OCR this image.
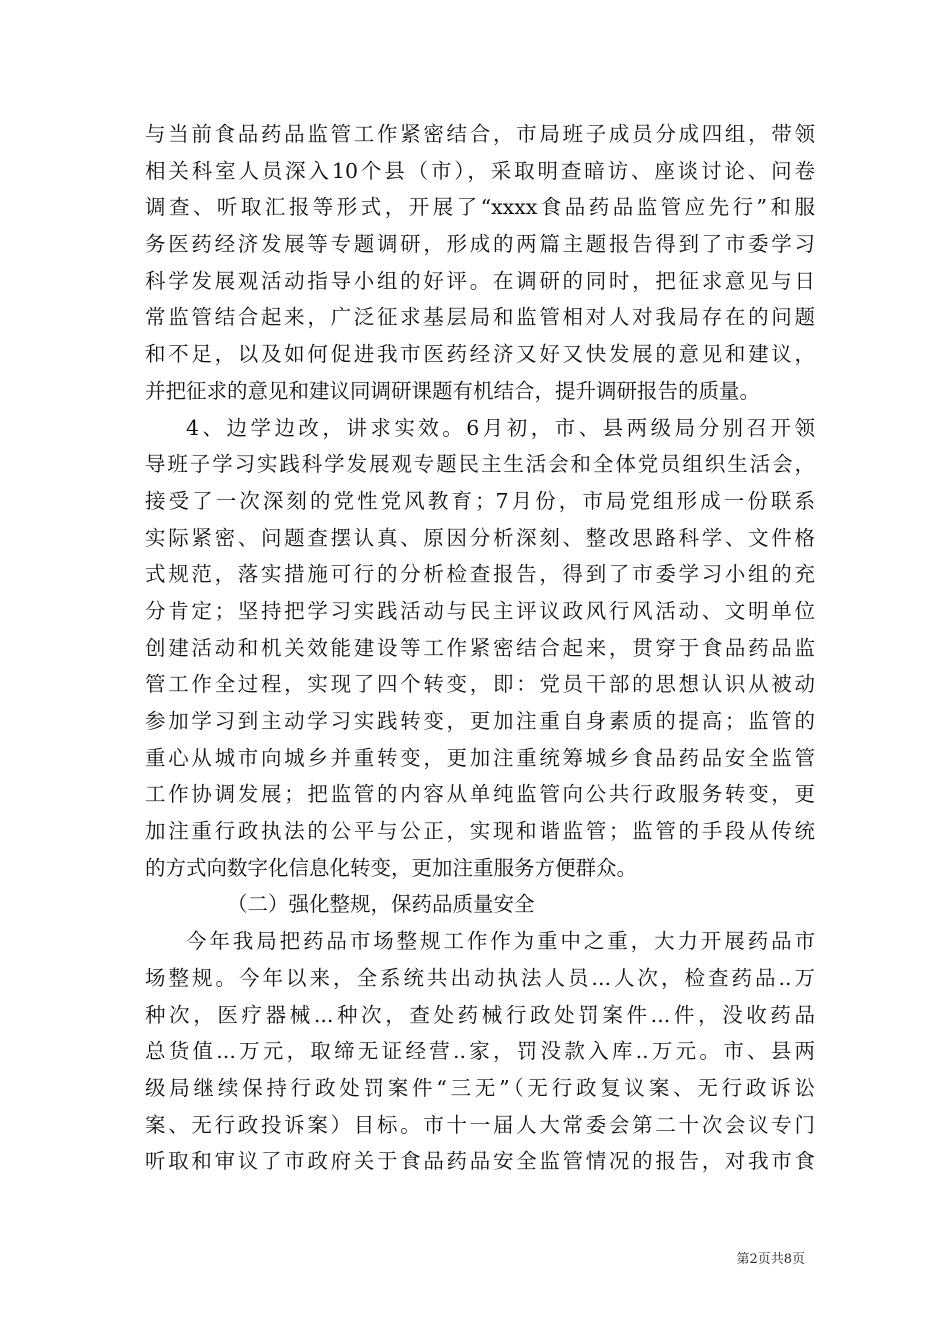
与当前食品药品监管工作紧密结合，市局班子成员分成四组，带领
相关科室人员深入10个县（市），采取明查暗访、座谈讨论、问卷
调查、听取汇报等形式，开展了“xxxx食品药品监管应先行”和服
务医药经济发展等专题调研，形成的两篇主题报告得到了市委学习
科学发展观活动指导小组的好评。在调研的同时，把征求意见与日
常监管结合起来，广泛征求基层局和监管相对人对我局存在的问题
和不足，以及如何促进我市医药经济又好又快发展的意见和建议，
并把征求的意见和建议同调研课题有机结合，提升调研报告的质量。
4、边学边改，讲求实效。6月初，市、县两级局分别召开领
导班子学习实践科学发展观专题民主生活会和全体党员组织生活会，
接受了一次深刻的党性党风教育；7月份，市局党组形成一份联系
实际紧密、问题查摆认真、原因分析深刻、整改思路科学、文件格
式规范，落实措施可行的分析检查报告，得到了市委学习小组的充
分肯定；坚持把学习实践活动与民主评议政风行风活动、文明单位
创建活动和机关效能建设等工作紧密结合起来，贯穿于食品药品监
管工作全过程，实现了四个转变，即：党员干部的思想认识从被动
参加学习到主动学习实践转变，更加注重自身素质的提高；监管的
重心从城市向城乡并重转变，更加注重统筹城乡食品药品安全监管
工作协调发展；把监管的内容从单纯监管向公共行政服务转变，更
加注重行政执法的公平与公正，实现和谐监管；监管的手段从传统
的方式向数字化信息化转变，更加注重服务方便群众。
（二）强化整规，保药品质量安全
今年我局把药品市场整规工作作为重中之重，大力开展药品市
场整规。今年以来，全系统共出动执法人员...人次，检查药品..万
种次，医疗器械...种次，查处药械行政处罚案件...件，没收药品
总货值...万元，取缔无证经营..家，罚没款入库..万元。市、县两
级局继续保持行政处罚案件“三无”（无行政复议案、无行政诉讼
案、无行政投诉案）目标。市十一届人大常委会第二十次会议专门
听取和审议了市政府关于食品药品安全监管情况的报告，对我市食
第2页共8页
